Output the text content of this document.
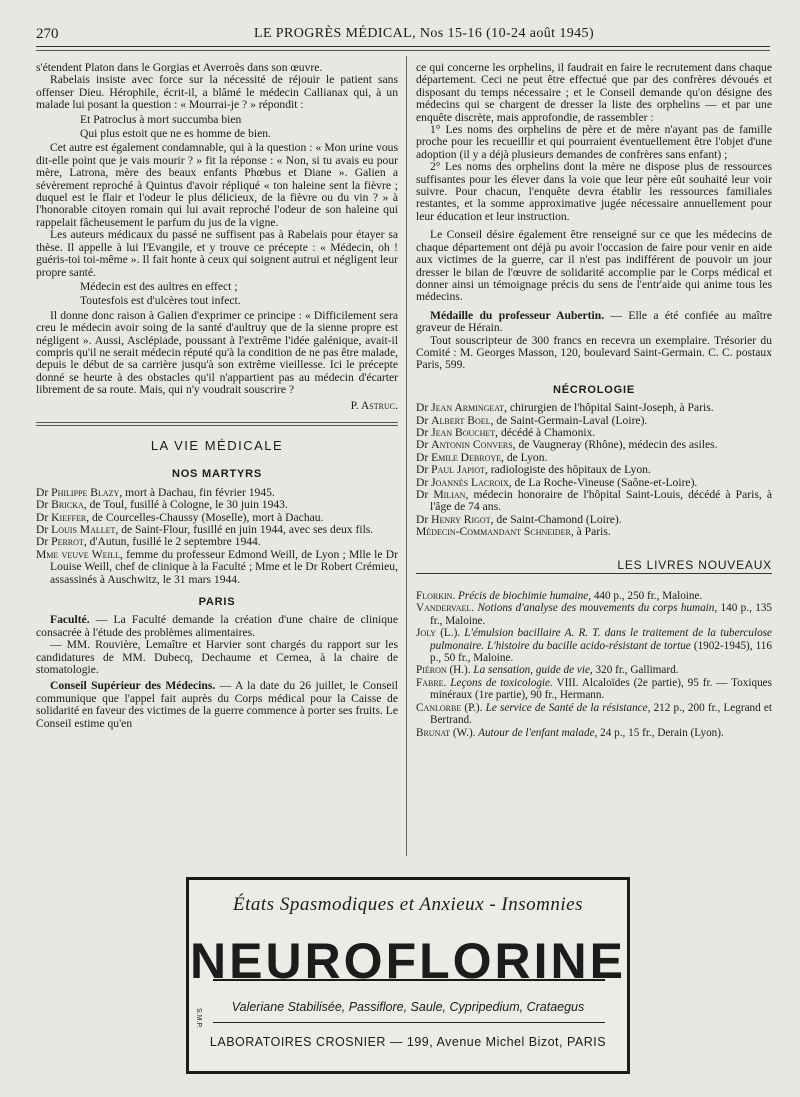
270	LE PROGRÈS MÉDICAL, Nos 15-16 (10-24 août 1945)

s'étendent Platon dans le Gorgias et Averroès dans son œuvre.

Rabelais insiste avec force sur la nécessité de réjouir le patient sans offenser Dieu. Hérophile, écrit-il, a blâmé le médecin Callianax qui, à un malade lui posant la question : « Mourrai-je ? » répondit :

Et Patroclus à mort succumba bien

Qui plus estoit que ne es homme de bien.

Cet autre est également condamnable, qui à la question : « Mon urine vous dit-elle point que je vais mourir ? » fit la réponse : « Non, si tu avais eu pour mère, Latrona, mère des beaux enfants Phœbus et Diane ». Galien a sévèrement reproché à Quintus d'avoir répliqué « ton haleine sent la fièvre ; duquel est le flair et l'odeur le plus délicieux, de la fièvre ou du vin ? » à l'honorable citoyen romain qui lui avait reproché l'odeur de son haleine qui rappelait fâcheusement le parfum du jus de la vigne.

Les auteurs médicaux du passé ne suffisent pas à Rabelais pour étayer sa thèse. Il appelle à lui l'Evangile, et y trouve ce précepte : « Médecin, oh ! guéris-toi toi-même ». Il fait honte à ceux qui soignent autrui et négligent leur propre santé.

Médecin est des aultres en effect ;

Toutesfois est d'ulcères tout infect.

Il donne donc raison à Galien d'exprimer ce principe : « Difficilement sera creu le médecin avoir soing de la santé d'aultruy que de la sienne propre est négligent ». Aussi, Asclépiade, poussant à l'extrême l'idée galénique, avait-il compris qu'il ne serait médecin réputé qu'à la condition de ne pas être malade, depuis le début de sa carrière jusqu'à son extrême vieillesse. Ici le précepte donné se heurte à des obstacles qu'il n'appartient pas au médecin d'écarter librement de sa route. Mais, qui n'y voudrait souscrire ?

P. Astruc.

LA VIE MÉDICALE

NOS MARTYRS

Dr Philippe Blazy, mort à Dachau, fin février 1945.

Dr Bricka, de Toul, fusillé à Cologne, le 30 juin 1943.

Dr Kieffer, de Courcelles-Chaussy (Moselle), mort à Dachau.

Dr Louis Mallet, de Saint-Flour, fusillé en juin 1944, avec ses deux fils.

Dr Perrot, d'Autun, fusillé le 2 septembre 1944.

Mme veuve Weill, femme du professeur Edmond Weill, de Lyon ; Mlle le Dr Louise Weill, chef de clinique à la Faculté ; Mme et le Dr Robert Crémieu, assassinés à Auschwitz, le 31 mars 1944.

PARIS

Faculté. — La Faculté demande la création d'une chaire de clinique consacrée à l'étude des problèmes alimentaires.

— MM. Rouvière, Lemaître et Harvier sont chargés du rapport sur les candidatures de MM. Dubecq, Dechaume et Cernea, à la chaire de stomatologie.

Conseil Supérieur des Médecins. — A la date du 26 juillet, le Conseil communique que l'appel fait auprès du Corps médical pour la Caisse de solidarité en faveur des victimes de la guerre commence à porter ses fruits. Le Conseil estime qu'en

ce qui concerne les orphelins, il faudrait en faire le recrutement dans chaque département. Ceci ne peut être effectué que par des confrères dévoués et disposant du temps nécessaire ; et le Conseil demande qu'on désigne des médecins qui se chargent de dresser la liste des orphelins — et par une enquête discrète, mais approfondie, de rassembler :

1° Les noms des orphelins de père et de mère n'ayant pas de famille proche pour les recueillir et qui pourraient éventuellement être l'objet d'une adoption (il y a déjà plusieurs demandes de confrères sans enfant) ;

2° Les noms des orphelins dont la mère ne dispose plus de ressources suffisantes pour les élever dans la voie que leur père eût souhaité leur voir suivre. Pour chacun, l'enquête devra établir les ressources familiales restantes, et la somme approximative jugée nécessaire annuellement pour leur éducation et leur instruction.

Le Conseil désire également être renseigné sur ce que les médecins de chaque département ont déjà pu avoir l'occasion de faire pour venir en aide aux victimes de la guerre, car il n'est pas indifférent de pouvoir un jour dresser le bilan de l'œuvre de solidarité accomplie par le Corps médical et donner ainsi un témoignage précis du sens de l'entr'aide qui anime tous les médecins.

Médaille du professeur Aubertin. — Elle a été confiée au maître graveur de Hérain.

Tout souscripteur de 300 francs en recevra un exemplaire. Trésorier du Comité : M. Georges Masson, 120, boulevard Saint-Germain. C. C. postaux Paris, 599.

NÉCROLOGIE

Dr Jean Armingeat, chirurgien de l'hôpital Saint-Joseph, à Paris.

Dr Albert Boel, de Saint-Germain-Laval (Loire).

Dr Jean Bouchet, décédé à Chamonix.

Dr Antonin Convers, de Vaugneray (Rhône), médecin des asiles.

Dr Emile Debroye, de Lyon.

Dr Paul Japiot, radiologiste des hôpitaux de Lyon.

Dr Joannès Lacroix, de La Roche-Vineuse (Saône-et-Loire).

Dr Milian, médecin honoraire de l'hôpital Saint-Louis, décédé à Paris, à l'âge de 74 ans.

Dr Henry Rigot, de Saint-Chamond (Loire).

Médecin-Commandant Schneider, à Paris.

LES LIVRES NOUVEAUX

Florkin. Précis de biochimie humaine, 440 p., 250 fr., Maloine.

Vandervael. Notions d'analyse des mouvements du corps humain, 140 p., 135 fr., Maloine.

Joly (L.). L'émulsion bacillaire A. R. T. dans le traitement de la tuberculose pulmonaire. L'histoire du bacille acido-résistant de tortue (1902-1945), 116 p., 50 fr., Maloine.

Piéron (H.). La sensation, guide de vie, 320 fr., Gallimard.

Fabre. Leçons de toxicologie. VIII. Alcaloïdes (2e partie), 95 fr. — Toxiques minéraux (1re partie), 90 fr., Hermann.

Canlorbe (P.). Le service de Santé de la résistance, 212 p., 200 fr., Legrand et Bertrand.

Brunat (W.). Autour de l'enfant malade, 24 p., 15 fr., Derain (Lyon).

États Spasmodiques et Anxieux - Insomnies
NEUROFLORINE
Valeriane Stabilisée, Passiflore, Saule, Cypripedium, Crataegus
LABORATOIRES CROSNIER — 199, Avenue Michel Bizot, PARIS
S.M.P.
